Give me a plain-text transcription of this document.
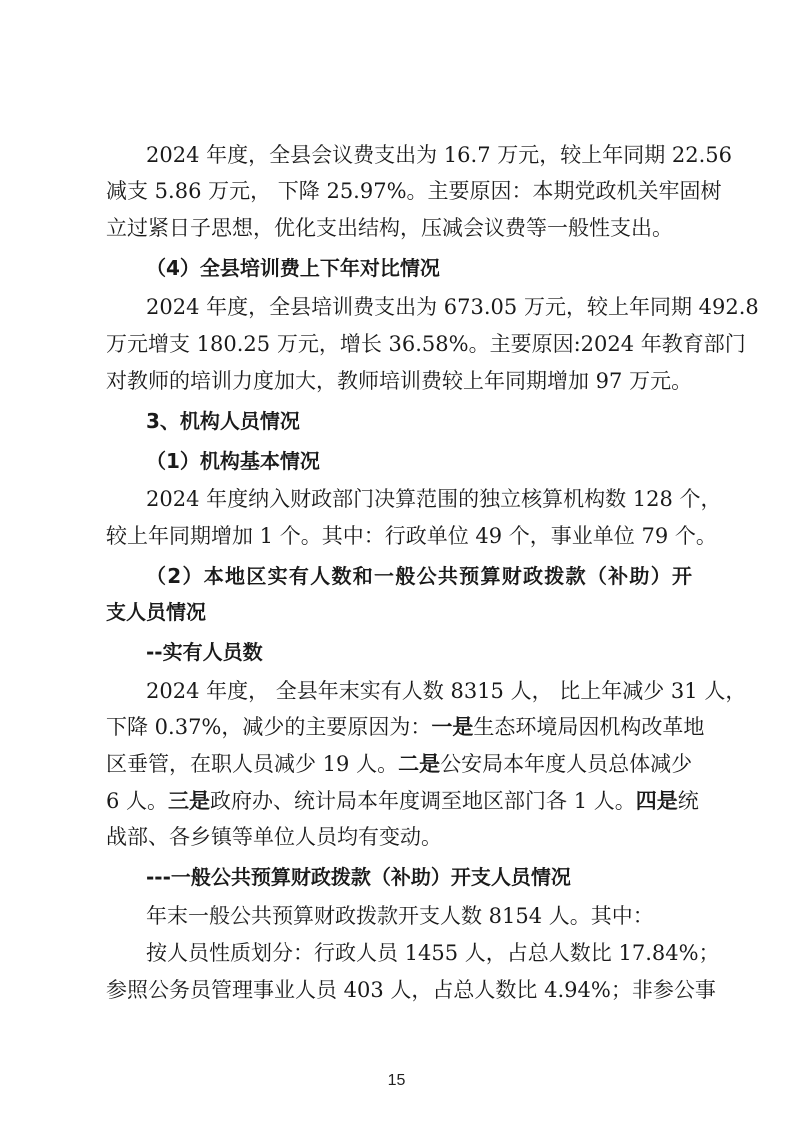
2024 年度，全县会议费支出为 16.7 万元，较上年同期 22.56
减支 5.86 万元， 下降 25.97%。主要原因：本期党政机关牢固树
立过紧日子思想，优化支出结构，压减会议费等一般性支出。
（4）全县培训费上下年对比情况
2024 年度，全县培训费支出为 673.05 万元，较上年同期 492.8
万元增支 180.25 万元，增长 36.58%。主要原因:2024 年教育部门
对教师的培训力度加大，教师培训费较上年同期增加 97 万元。
3、机构人员情况
（1）机构基本情况
2024 年度纳入财政部门决算范围的独立核算机构数 128 个，
较上年同期增加 1 个。其中：行政单位 49 个，事业单位 79 个。
（2）本地区实有人数和一般公共预算财政拨款（补助）开
支人员情况
--实有人员数
2024 年度， 全县年末实有人数 8315 人， 比上年减少 31 人，
下降 0.37%，减少的主要原因为：一是生态环境局因机构改革地
区垂管，在职人员减少 19 人。二是公安局本年度人员总体减少
6 人。三是政府办、统计局本年度调至地区部门各 1 人。四是统
战部、各乡镇等单位人员均有变动。
---一般公共预算财政拨款（补助）开支人员情况
年末一般公共预算财政拨款开支人数 8154 人。其中：
按人员性质划分：行政人员 1455 人，占总人数比 17.84%；
参照公务员管理事业人员 403 人，占总人数比 4.94%；非参公事
15
